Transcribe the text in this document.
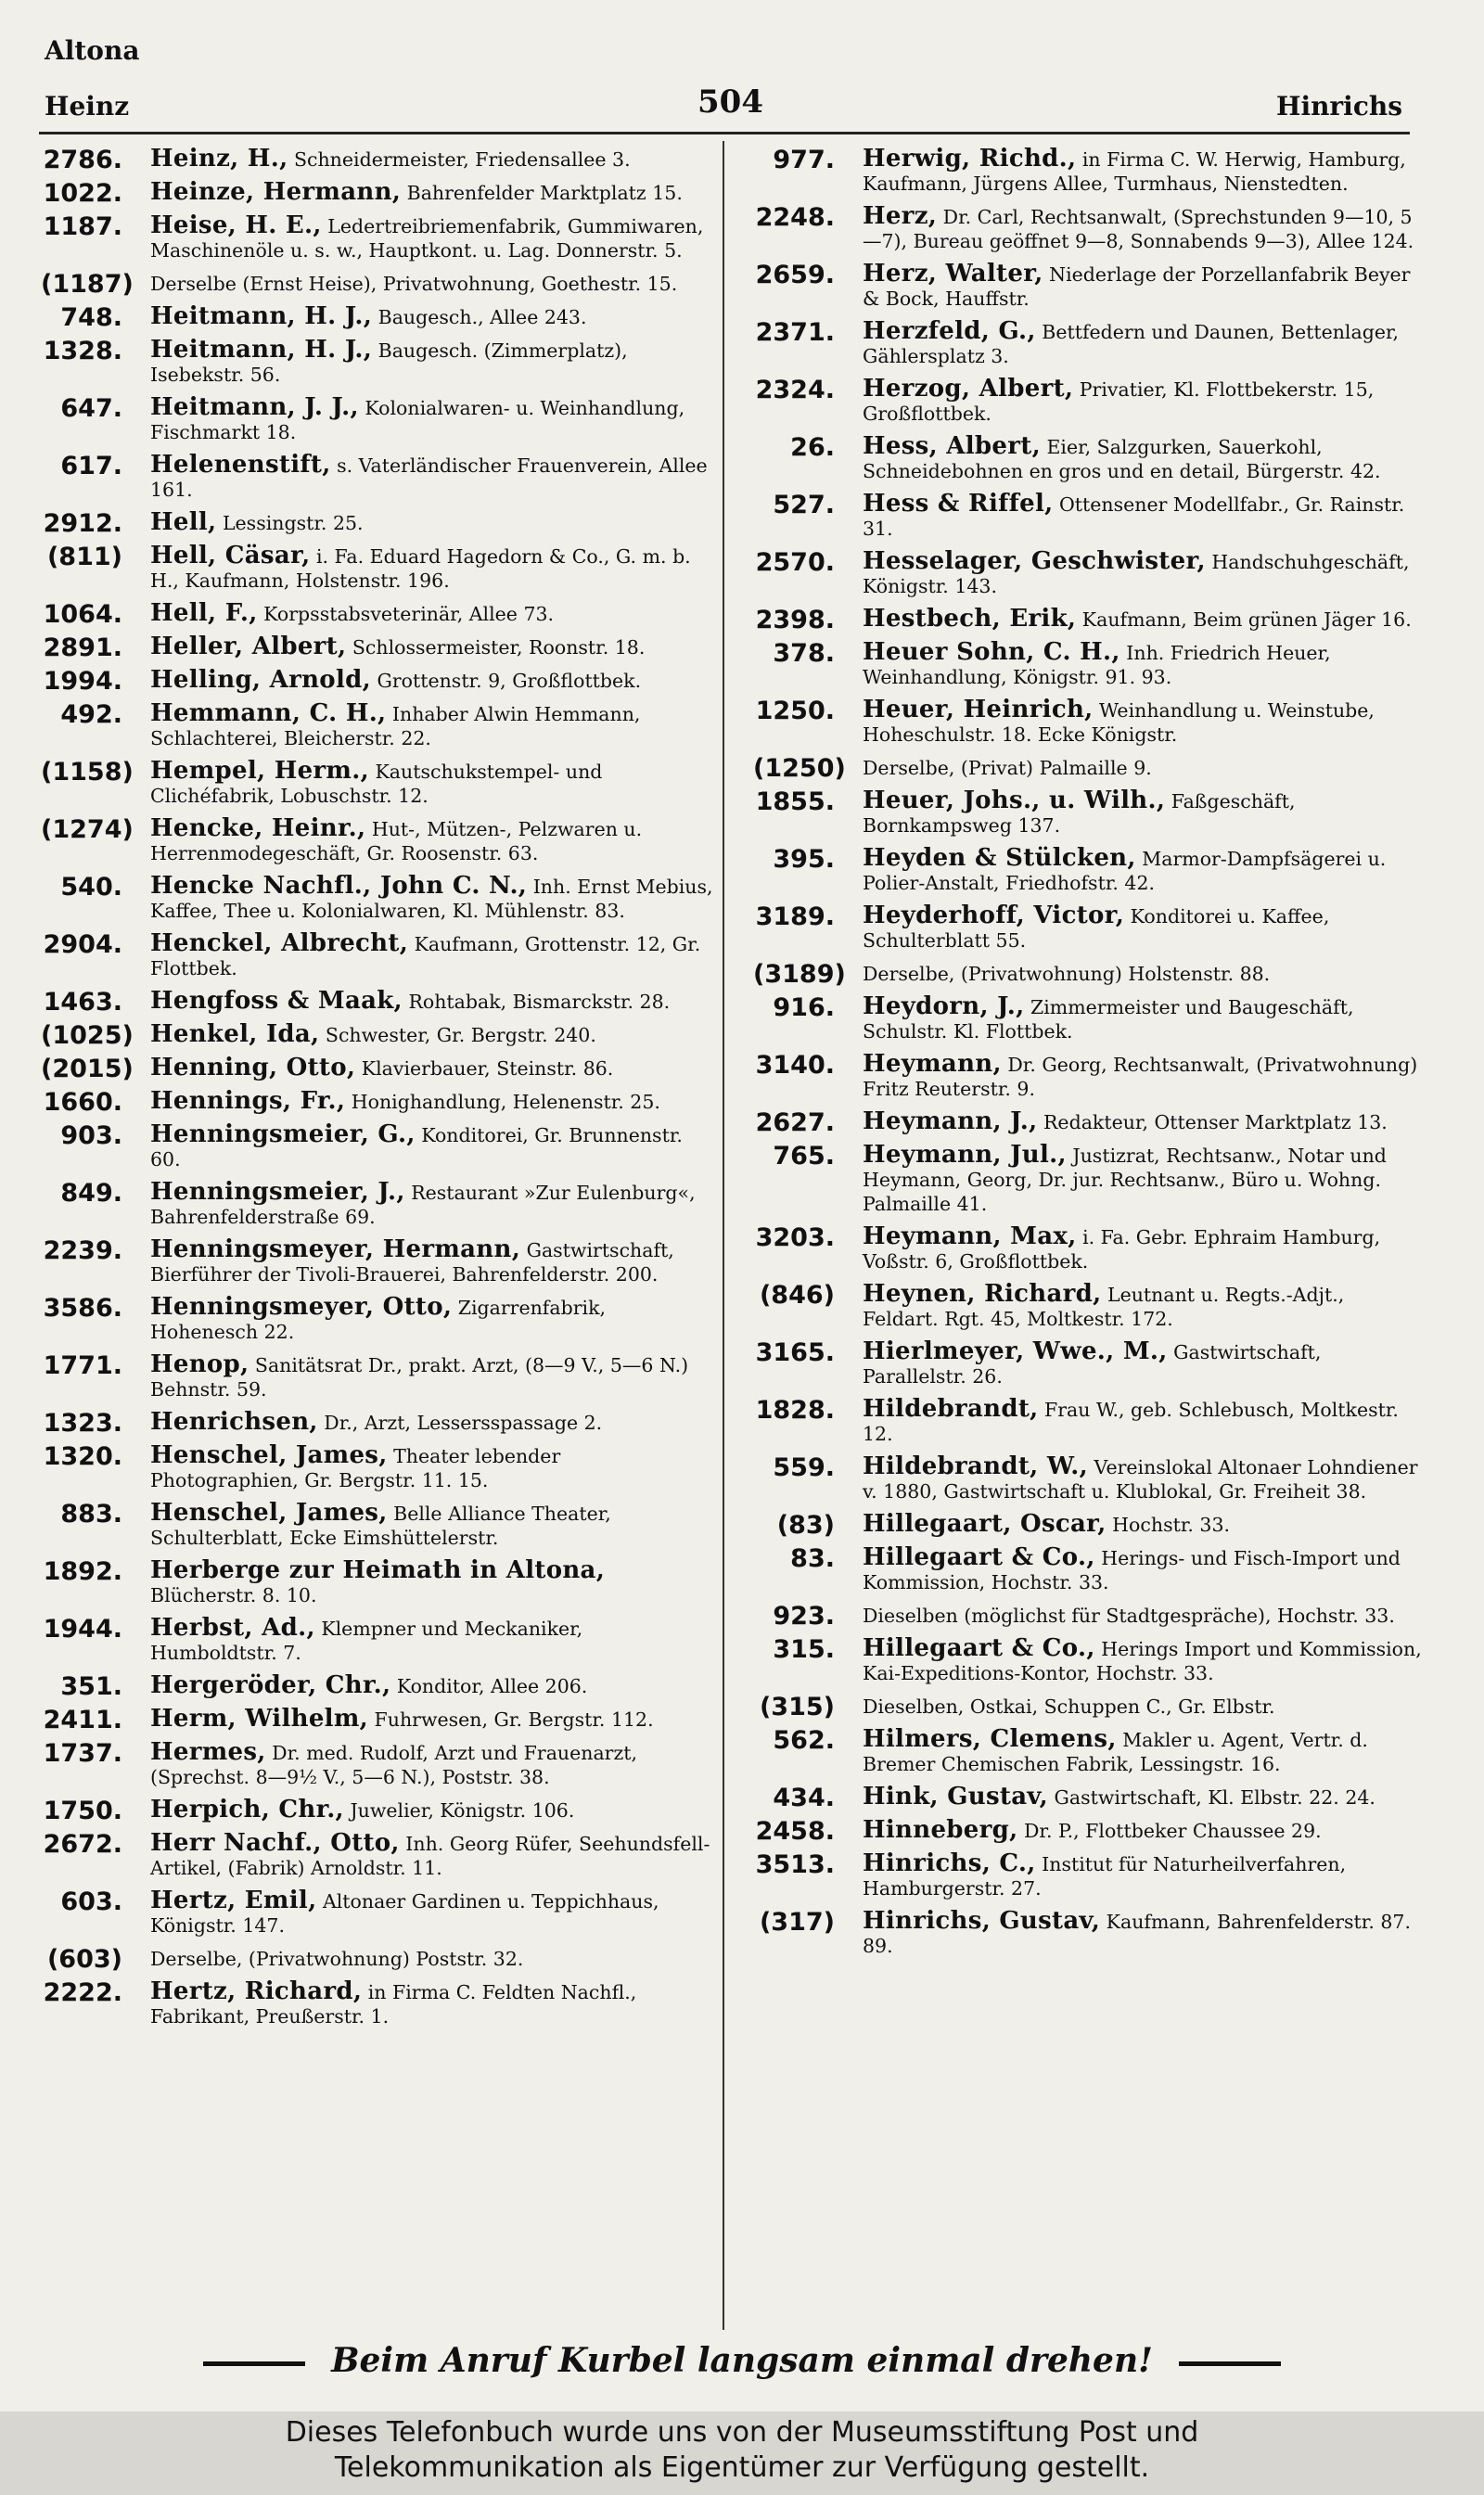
Altona
Heinz	504	Hinrichs
2786. Heinz, H., Schneidermeister, Friedensallee 3.
1022. Heinze, Hermann, Bahrenfelder Marktplatz 15.
1187. Heise, H. E., Ledertreibriemenfabrik, Gummiwaren, Maschinenöle u. s. w., Hauptkont. u. Lag. Donnerstr. 5.
(1187) Derselbe (Ernst Heise), Privatwohnung, Goethestr. 15.
748. Heitmann, H. J., Baugesch., Allee 243.
1328. Heitmann, H. J., Baugesch. (Zimmerplatz), Isebekstr. 56.
647. Heitmann, J. J., Kolonialwaren- u. Weinhandlung, Fischmarkt 18.
617. Helenenstift, s. Vaterländischer Frauenverein, Allee 161.
2912. Hell, Lessingstr. 25.
(811) Hell, Cäsar, i. Fa. Eduard Hagedorn & Co., G. m. b. H., Kaufmann, Holstenstr. 196.
1064. Hell, F., Korpsstabsveterinär, Allee 73.
2891. Heller, Albert, Schlossermeister, Roonstr. 18.
1994. Helling, Arnold, Grottenstr. 9, Großflottbek.
492. Hemmann, C. H., Inhaber Alwin Hemmann, Schlachterei, Bleicherstr. 22.
(1158) Hempel, Herm., Kautschukstempel- und Clichéfabrik, Lobuschstr. 12.
(1274) Hencke, Heinr., Hut-, Mützen-, Pelzwaren u. Herrenmodegeschäft, Gr. Roosenstr. 63.
540. Hencke Nachfl., John C. N., Inh. Ernst Mebius, Kaffee, Thee u. Kolonialwaren, Kl. Mühlenstr. 83.
2904. Henckel, Albrecht, Kaufmann, Grottenstr. 12, Gr. Flottbek.
1463. Hengfoss & Maak, Rohtabak, Bismarckstr. 28.
(1025) Henkel, Ida, Schwester, Gr. Bergstr. 240.
(2015) Henning, Otto, Klavierbauer, Steinstr. 86.
1660. Hennings, Fr., Honighandlung, Helenenstr. 25.
903. Henningsmeier, G., Konditorei, Gr. Brunnenstr. 60.
849. Henningsmeier, J., Restaurant »Zur Eulenburg«, Bahrenfelderstraße 69.
2239. Henningsmeyer, Hermann, Gastwirtschaft, Bierführer der Tivoli-Brauerei, Bahrenfelderstr. 200.
3586. Henningsmeyer, Otto, Zigarrenfabrik, Hohenesch 22.
1771. Henop, Sanitätsrat Dr., prakt. Arzt, (8—9 V., 5—6 N.) Behnstr. 59.
1323. Henrichsen, Dr., Arzt, Lessersspassage 2.
1320. Henschel, James, Theater lebender Photographien, Gr. Bergstr. 11. 15.
883. Henschel, James, Belle Alliance Theater, Schulterblatt, Ecke Eimshüttelerstr.
1892. Herberge zur Heimath in Altona, Blücherstr. 8. 10.
1944. Herbst, Ad., Klempner und Meckaniker, Humboldtstr. 7.
351. Hergeröder, Chr., Konditor, Allee 206.
2411. Herm, Wilhelm, Fuhrwesen, Gr. Bergstr. 112.
1737. Hermes, Dr. med. Rudolf, Arzt und Frauenarzt, (Sprechst. 8—9½ V., 5—6 N.), Poststr. 38.
1750. Herpich, Chr., Juwelier, Königstr. 106.
2672. Herr Nachf., Otto, Inh. Georg Rüfer, Seehundsfell-Artikel, (Fabrik) Arnoldstr. 11.
603. Hertz, Emil, Altonaer Gardinen u. Teppichhaus, Königstr. 147.
(603) Derselbe, (Privatwohnung) Poststr. 32.
2222. Hertz, Richard, in Firma C. Feldten Nachfl., Fabrikant, Preußerstr. 1.
977. Herwig, Richd., in Firma C. W. Herwig, Hamburg, Kaufmann, Jürgens Allee, Turmhaus, Nienstedten.
2248. Herz, Dr. Carl, Rechtsanwalt, (Sprechstunden 9—10, 5—7), Bureau geöffnet 9—8, Sonnabends 9—3), Allee 124.
2659. Herz, Walter, Niederlage der Porzellanfabrik Beyer & Bock, Hauffstr.
2371. Herzfeld, G., Bettfedern und Daunen, Bettenlager, Gählersplatz 3.
2324. Herzog, Albert, Privatier, Kl. Flottbekerstr. 15, Großflottbek.
26. Hess, Albert, Eier, Salzgurken, Sauerkohl, Schneidebohnen en gros und en detail, Bürgerstr. 42.
527. Hess & Riffel, Ottensener Modellfabr., Gr. Rainstr. 31.
2570. Hesselager, Geschwister, Handschuhgeschäft, Königstr. 143.
2398. Hestbech, Erik, Kaufmann, Beim grünen Jäger 16.
378. Heuer Sohn, C. H., Inh. Friedrich Heuer, Weinhandlung, Königstr. 91. 93.
1250. Heuer, Heinrich, Weinhandlung u. Weinstube, Hoheschulstr. 18. Ecke Königstr.
(1250) Derselbe, (Privat) Palmaille 9.
1855. Heuer, Johs., u. Wilh., Faßgeschäft, Bornkampsweg 137.
395. Heyden & Stülcken, Marmor-Dampfsägerei u. Polier-Anstalt, Friedhofstr. 42.
3189. Heyderhoff, Victor, Konditorei u. Kaffee, Schulterblatt 55.
(3189) Derselbe, (Privatwohnung) Holstenstr. 88.
916. Heydorn, J., Zimmermeister und Baugeschäft, Schulstr. Kl. Flottbek.
3140. Heymann, Dr. Georg, Rechtsanwalt, (Privatwohnung) Fritz Reuterstr. 9.
2627. Heymann, J., Redakteur, Ottenser Marktplatz 13.
765. Heymann, Jul., Justizrat, Rechtsanw., Notar und Heymann, Georg, Dr. jur. Rechtsanw., Büro u. Wohng. Palmaille 41.
3203. Heymann, Max, i. Fa. Gebr. Ephraim Hamburg, Voßstr. 6, Großflottbek.
(846) Heynen, Richard, Leutnant u. Regts.-Adjt., Feldart. Rgt. 45, Moltkestr. 172.
3165. Hierlmeyer, Wwe., M., Gastwirtschaft, Parallelstr. 26.
1828. Hildebrandt, Frau W., geb. Schlebusch, Moltkestr. 12.
559. Hildebrandt, W., Vereinslokal Altonaer Lohndiener v. 1880, Gastwirtschaft u. Klublokal, Gr. Freiheit 38.
(83) Hillegaart, Oscar, Hochstr. 33.
83. Hillegaart & Co., Herings- und Fisch-Import und Kommission, Hochstr. 33.
923. Dieselben (möglichst für Stadtgespräche), Hochstr. 33.
315. Hillegaart & Co., Herings Import und Kommission, Kai-Expeditions-Kontor, Hochstr. 33.
(315) Dieselben, Ostkai, Schuppen C., Gr. Elbstr.
562. Hilmers, Clemens, Makler u. Agent, Vertr. d. Bremer Chemischen Fabrik, Lessingstr. 16.
434. Hink, Gustav, Gastwirtschaft, Kl. Elbstr. 22. 24.
2458. Hinneberg, Dr. P., Flottbeker Chaussee 29.
3513. Hinrichs, C., Institut für Naturheilverfahren, Hamburgerstr. 27.
(317) Hinrichs, Gustav, Kaufmann, Bahrenfelderstr. 87. 89.
Beim Anruf Kurbel langsam einmal drehen!
Dieses Telefonbuch wurde uns von der Museumsstiftung Post und
Telekommunikation als Eigentümer zur Verfügung gestellt.
